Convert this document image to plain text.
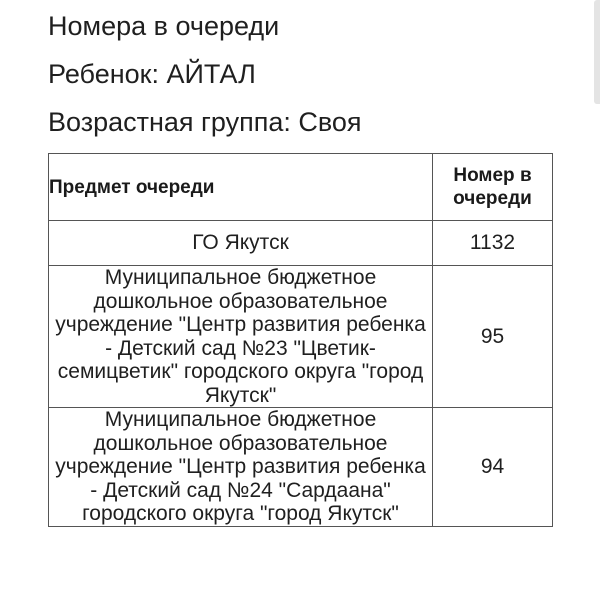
Номера в очереди
Ребенок: АЙТАЛ
Возрастная группа: Своя
Предмет очереди	Номер в очереди
ГО Якутск	1132
Муниципальное бюджетное дошкольное образовательное учреждение "Центр развития ребенка - Детский сад №23 "Цветик-семицветик" городского округа "город Якутск"	95
Муниципальное бюджетное дошкольное образовательное учреждение "Центр развития ребенка - Детский сад №24 "Сардаана" городского округа "город Якутск"	94
